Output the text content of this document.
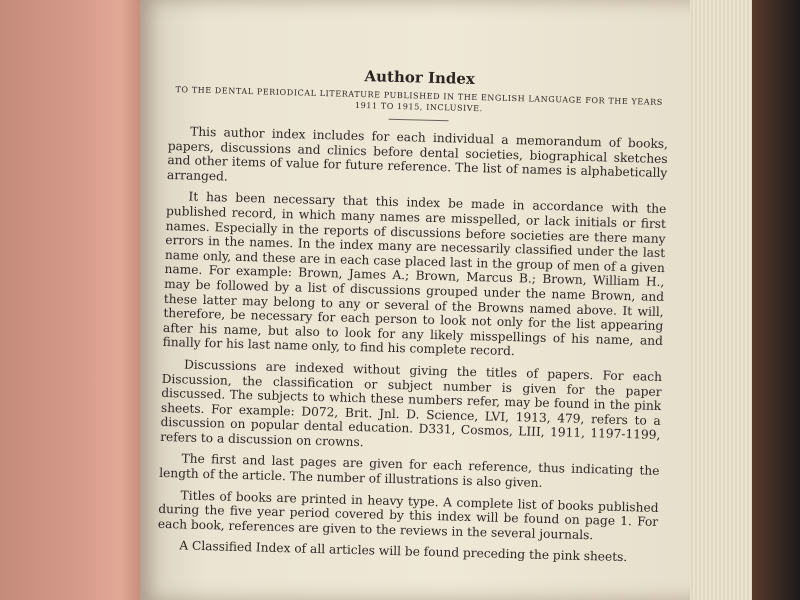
Author Index

TO THE DENTAL PERIODICAL LITERATURE PUBLISHED IN THE ENGLISH LANGUAGE FOR THE YEARS 1911 TO 1915, INCLUSIVE.

This author index includes for each individual a memorandum of books, papers, discussions and clinics before dental societies, biographical sketches and other items of value for future reference. The list of names is alphabetically arranged.

It has been necessary that this index be made in accordance with the published record, in which many names are misspelled, or lack initials or first names. Especially in the reports of discussions before societies are there many errors in the names. In the index many are necessarily classified under the last name only, and these are in each case placed last in the group of men of a given name. For example: Brown, James A.; Brown, Marcus B.; Brown, William H., may be followed by a list of discussions grouped under the name Brown, and these latter may belong to any or several of the Browns named above. It will, therefore, be necessary for each person to look not only for the list appearing after his name, but also to look for any likely misspellings of his name, and finally for his last name only, to find his complete record.

Discussions are indexed without giving the titles of papers. For each Discussion, the classification or subject number is given for the paper discussed. The subjects to which these numbers refer, may be found in the pink sheets. For example: D072, Brit. Jnl. D. Science, LVI, 1913, 479, refers to a discussion on popular dental education. D331, Cosmos, LIII, 1911, 1197-1199, refers to a discussion on crowns.

The first and last pages are given for each reference, thus indicating the length of the article. The number of illustrations is also given.

Titles of books are printed in heavy type. A complete list of books published during the five year period covered by this index will be found on page 1. For each book, references are given to the reviews in the several journals.

A Classified Index of all articles will be found preceding the pink sheets.
